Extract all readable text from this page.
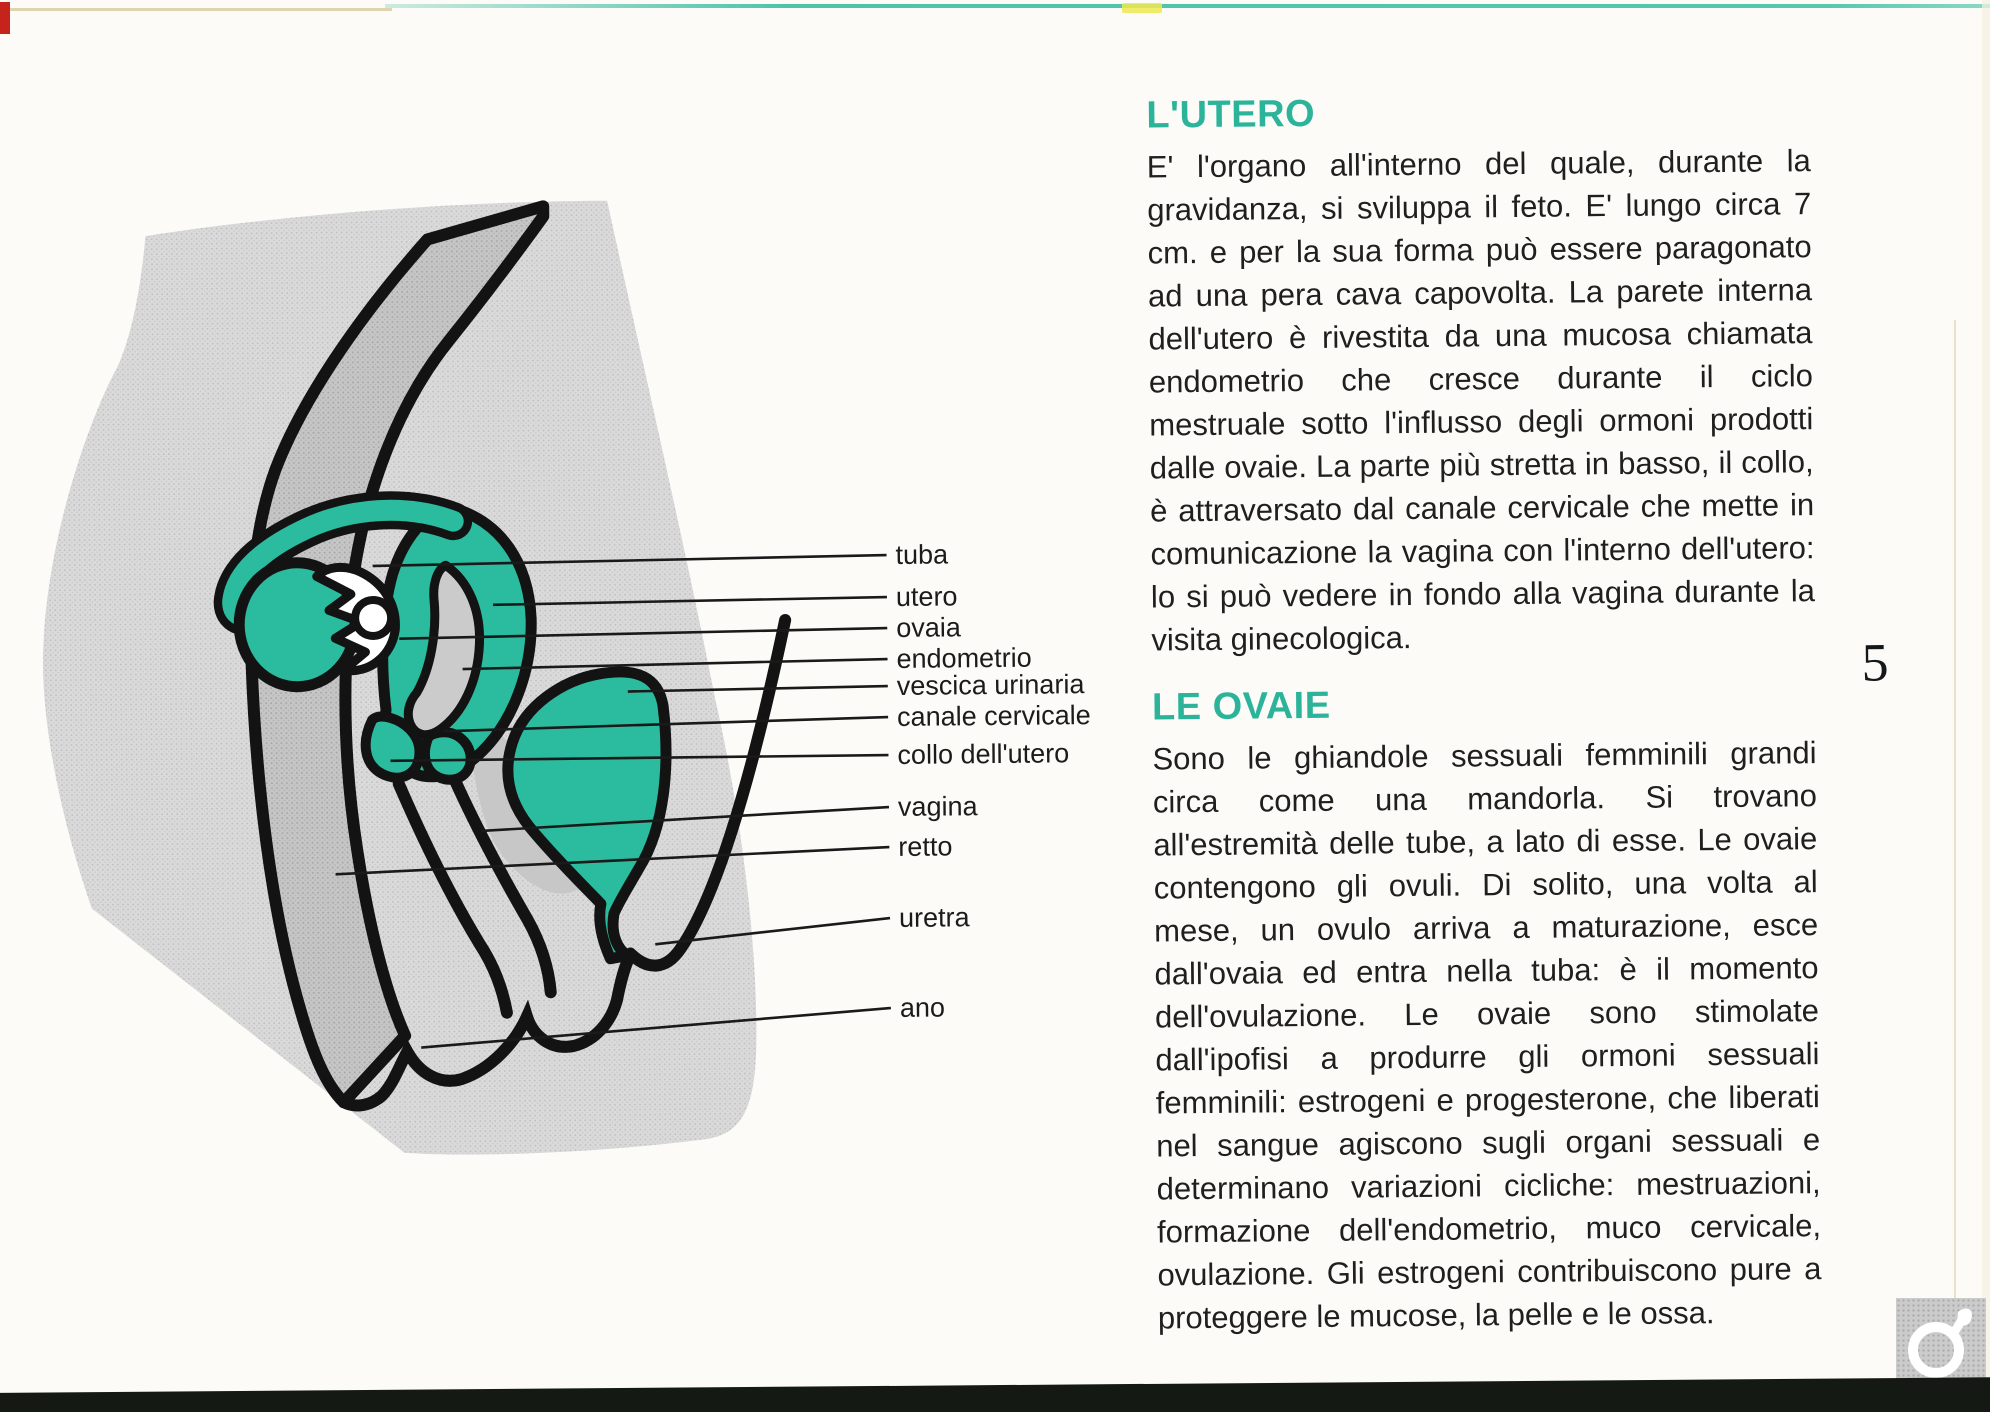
tuba
utero
ovaia
endometrio
vescica urinaria
canale cervicale
collo dell'utero
vagina
retto
uretra
ano
L'UTERO

E' l'organo all'interno del quale, durante la gravidanza, si sviluppa il feto. E' lungo circa 7 cm. e per la sua forma può essere paragonato ad una pera cava capovolta. La parete interna dell'utero è rivestita da una mucosa chiamata endometrio che cresce durante il ciclo mestruale sotto l'influsso degli ormoni prodotti dalle ovaie. La parte più stretta in basso, il collo, è attraversato dal canale cervicale che mette in comunicazione la vagina con l'interno dell'utero: lo si può vedere in fondo alla vagina durante la visita ginecologica.

LE OVAIE

Sono le ghiandole sessuali femminili grandi circa come una mandorla. Si trovano all'estremità delle tube, a lato di esse. Le ovaie contengono gli ovuli. Di solito, una volta al mese, un ovulo arriva a maturazione, esce dall'ovaia ed entra nella tuba: è il momento dell'ovulazione. Le ovaie sono stimolate dall'ipofisi a produrre gli ormoni sessuali femminili: estrogeni e progesterone, che liberati nel sangue agiscono sugli organi sessuali e determinano variazioni cicliche: mestruazioni, formazione dell'endometrio, muco cervicale, ovulazione. Gli estrogeni contribuiscono pure a proteggere le mucose, la pelle e le ossa.

5
